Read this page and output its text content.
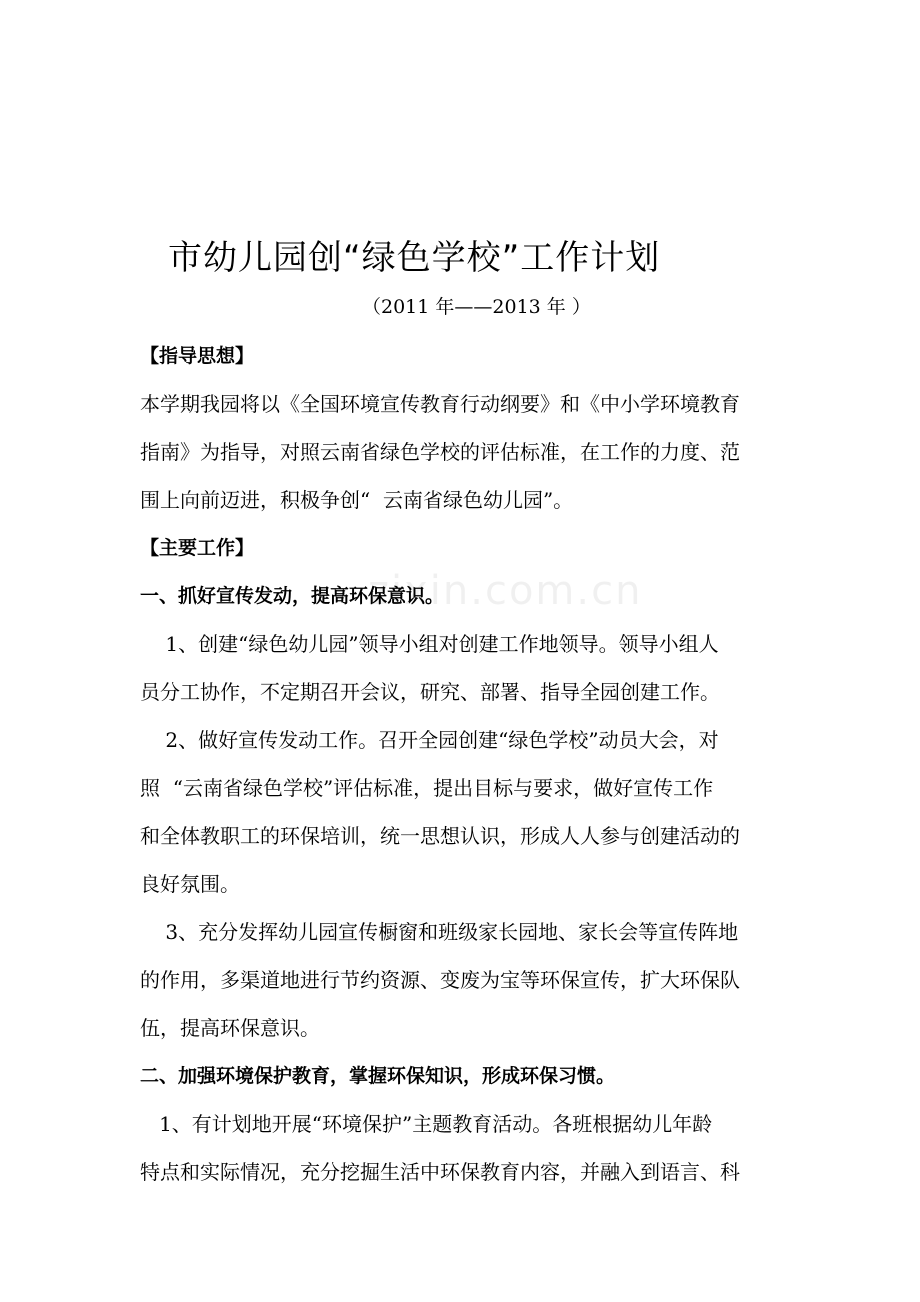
zixin.com.cn
市幼儿园创“绿色学校”工作计划
（2011 年——2013 年 ）
【指导思想】
本学期我园将以《全国环境宣传教育行动纲要》和《中小学环境教育
指南》为指导，对照云南省绿色学校的评估标准，在工作的力度、范
围上向前迈进，积极争创“  云南省绿色幼儿园”。
【主要工作】
一、抓好宣传发动，提高环保意识。
1、创建“绿色幼儿园”领导小组对创建工作地领导。领导小组人
员分工协作，不定期召开会议，研究、部署、指导全园创建工作。
2、做好宣传发动工作。召开全园创建“绿色学校”动员大会，对
照  “云南省绿色学校”评估标准，提出目标与要求，做好宣传工作
和全体教职工的环保培训，统一思想认识，形成人人参与创建活动的
良好氛围。
3、充分发挥幼儿园宣传橱窗和班级家长园地、家长会等宣传阵地
的作用，多渠道地进行节约资源、变废为宝等环保宣传，扩大环保队
伍，提高环保意识。
二、加强环境保护教育，掌握环保知识，形成环保习惯。
1、有计划地开展“环境保护”主题教育活动。各班根据幼儿年龄
特点和实际情况，充分挖掘生活中环保教育内容，并融入到语言、科
